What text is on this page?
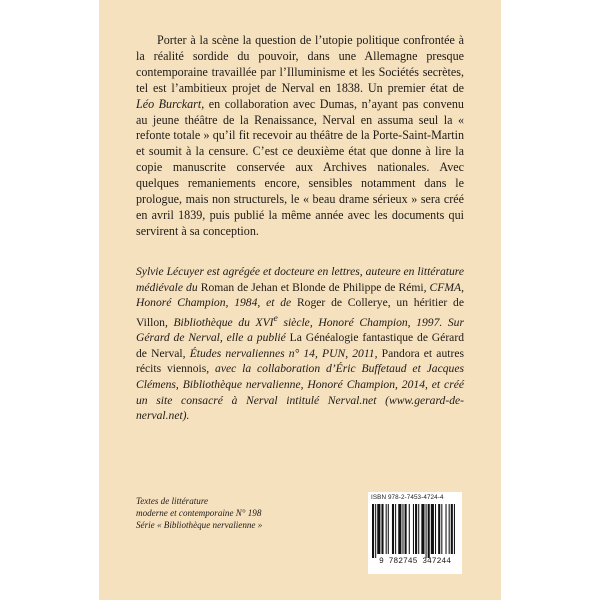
Porter à la scène la question de l’utopie politique confrontée à la réalité sordide du pouvoir, dans une Allemagne presque contemporaine travaillée par l’Illuminisme et les Sociétés secrètes, tel est l’ambitieux projet de Nerval en 1838. Un premier état de Léo Burckart, en collaboration avec Dumas, n’ayant pas convenu au jeune théâtre de la Renaissance, Nerval en assuma seul la « refonte totale » qu’il fit recevoir au théâtre de la Porte-Saint-Martin et soumit à la censure. C’est ce deuxième état que donne à lire la copie manuscrite conservée aux Archives nationales. Avec quelques remaniements encore, sensibles notamment dans le prologue, mais non structurels, le « beau drame sérieux » sera créé en avril 1839, puis publié la même année avec les documents qui servirent à sa conception.

Sylvie Lécuyer est agrégée et docteure en lettres, auteure en littérature médiévale du Roman de Jehan et Blonde de Philippe de Rémi, CFMA, Honoré Champion, 1984, et de Roger de Collerye, un héritier de Villon, Bibliothèque du XVIe siècle, Honoré Champion, 1997. Sur Gérard de Nerval, elle a publié La Généalogie fantastique de Gérard de Nerval, Études nervaliennes n° 14, PUN, 2011, Pandora et autres récits viennois, avec la collaboration d’Éric Buffetaud et Jacques Clémens, Bibliothèque nervalienne, Honoré Champion, 2014, et créé un site consacré à Nerval intitulé Nerval.net (www.gerard-de-nerval.net).

Textes de littérature
moderne et contemporaine N° 198
Série « Bibliothèque nervalienne »
ISBN 978-2-7453-4724-4
9 782745 347244
